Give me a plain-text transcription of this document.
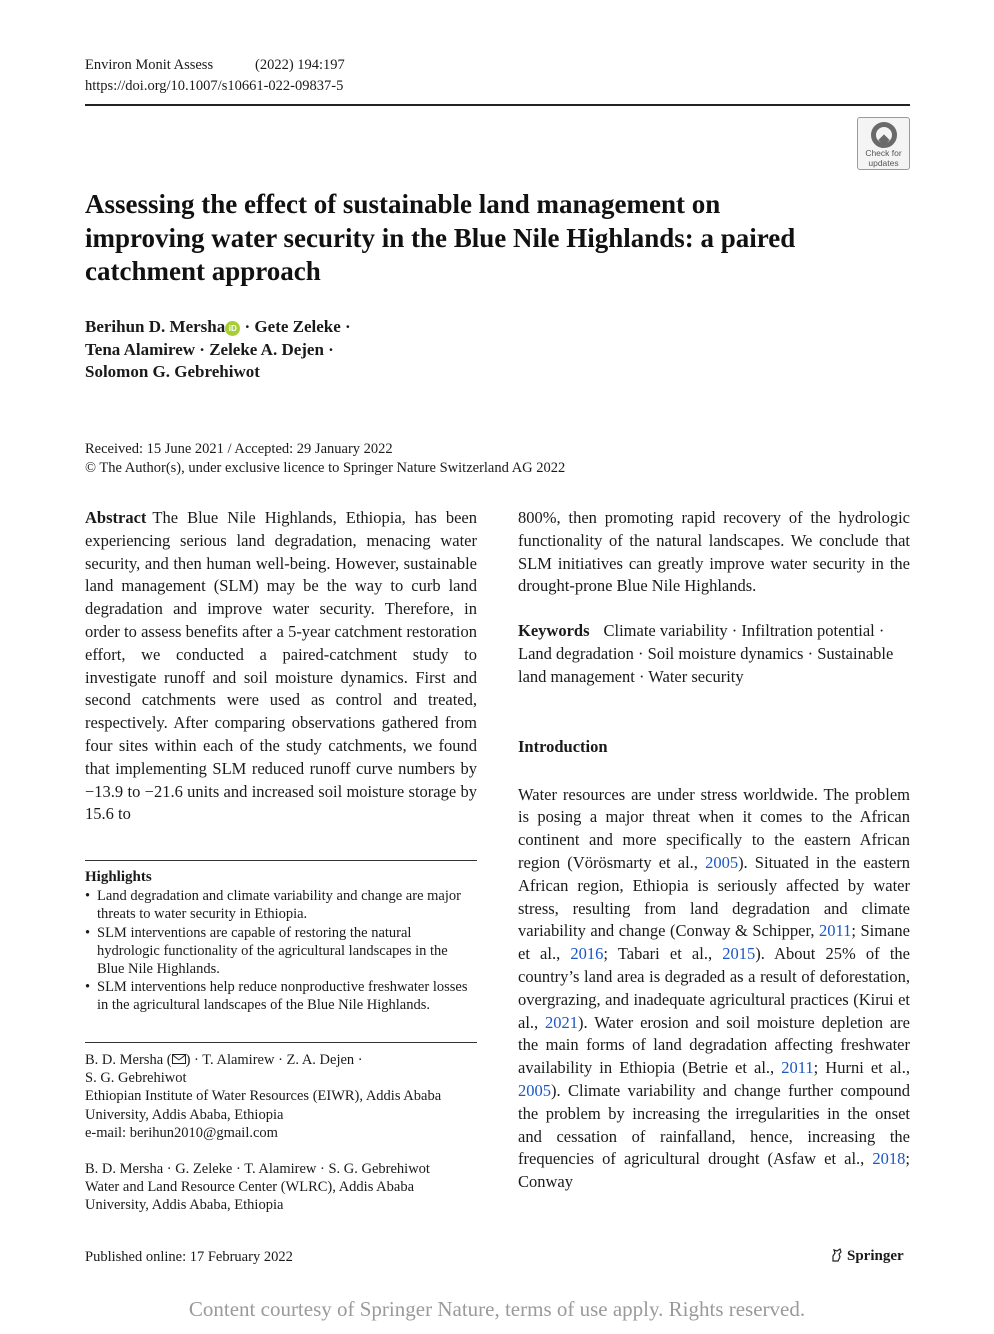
Environ Monit Assess	(2022) 194:197
https://doi.org/10.1007/s10661-022-09837-5
Check for
updates
Assessing the effect of sustainable land management on improving water security in the Blue Nile Highlands: a paired catchment approach
Berihun D. Mersha iD · Gete Zeleke ·
Tena Alamirew · Zeleke A. Dejen ·
Solomon G. Gebrehiwot
Received: 15 June 2021 / Accepted: 29 January 2022
© The Author(s), under exclusive licence to Springer Nature Switzerland AG 2022

Abstract The Blue Nile Highlands, Ethiopia, has been experiencing serious land degradation, menacing water security, and then human well-being. However, sustainable land management (SLM) may be the way to curb land degradation and improve water security. Therefore, in order to assess benefits after a 5-year catchment restoration effort, we conducted a paired-catchment study to investigate runoff and soil moisture dynamics. First and second catchments were used as control and treated, respectively. After comparing observations gathered from four sites within each of the study catchments, we found that implementing SLM reduced runoff curve numbers by −13.9 to −21.6 units and increased soil moisture storage by 15.6 to

Highlights
• Land degradation and climate variability and change are major threats to water security in Ethiopia.
• SLM interventions are capable of restoring the natural hydrologic functionality of the agricultural landscapes in the Blue Nile Highlands.
• SLM interventions help reduce nonproductive freshwater losses in the agricultural landscapes of the Blue Nile Highlands.
B. D. Mersha ( ) · T. Alamirew · Z. A. Dejen ·
S. G. Gebrehiwot
Ethiopian Institute of Water Resources (EIWR), Addis Ababa University, Addis Ababa, Ethiopia
e-mail: berihun2010@gmail.com
B. D. Mersha · G. Zeleke · T. Alamirew · S. G. Gebrehiwot
Water and Land Resource Center (WLRC), Addis Ababa University, Addis Ababa, Ethiopia

800%, then promoting rapid recovery of the hydrologic functionality of the natural landscapes. We conclude that SLM initiatives can greatly improve water security in the drought-prone Blue Nile Highlands.

Keywords Climate variability · Infiltration potential · Land degradation · Soil moisture dynamics · Sustainable land management · Water security

Introduction

Water resources are under stress worldwide. The problem is posing a major threat when it comes to the African continent and more specifically to the eastern African region (Vörösmarty et al., 2005). Situated in the eastern African region, Ethiopia is seriously affected by water stress, resulting from land degradation and climate variability and change (Conway & Schipper, 2011; Simane et al., 2016; Tabari et al., 2015). About 25% of the country’s land area is degraded as a result of deforestation, overgrazing, and inadequate agricultural practices (Kirui et al., 2021). Water erosion and soil moisture depletion are the main forms of land degradation affecting freshwater availability in Ethiopia (Betrie et al., 2011; Hurni et al., 2005). Climate variability and change further compound the problem by increasing the irregularities in the onset and cessation of rainfalland, hence, increasing the frequencies of agricultural drought (Asfaw et al., 2018; Conway

Published online: 17 February 2022	Springer
Content courtesy of Springer Nature, terms of use apply. Rights reserved.
